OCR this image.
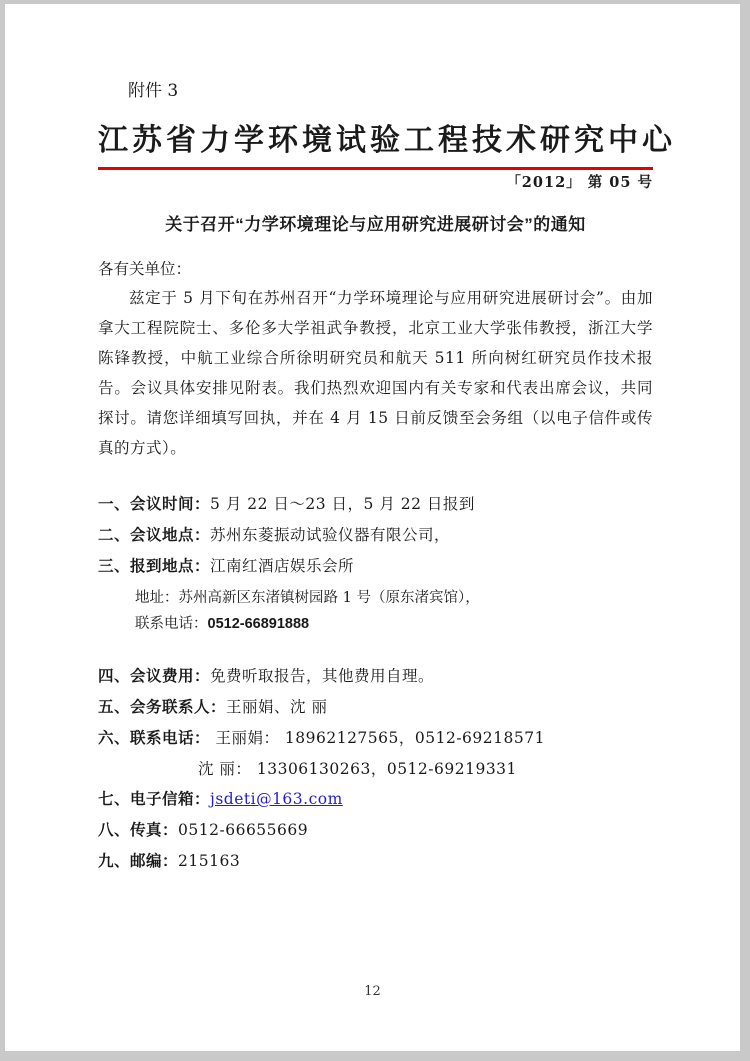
附件 3
江苏省力学环境试验工程技术研究中心
「2012」 第 05 号
关于召开“力学环境理论与应用研究进展研讨会”的通知
各有关单位：

兹定于 5 月下旬在苏州召开“力学环境理论与应用研究进展研讨会”。由加拿大工程院院士、多伦多大学祖武争教授，北京工业大学张伟教授，浙江大学陈锋教授，中航工业综合所徐明研究员和航天 511 所向树红研究员作技术报告。会议具体安排见附表。我们热烈欢迎国内有关专家和代表出席会议，共同探讨。请您详细填写回执，并在 4 月 15 日前反馈至会务组（以电子信件或传真的方式）。

一、会议时间：5 月 22 日～23 日，5 月 22 日报到
二、会议地点：苏州东菱振动试验仪器有限公司，
三、报到地点：江南红酒店娱乐会所
地址：苏州高新区东渚镇树园路 1 号（原东渚宾馆），
联系电话：0512-66891888
四、会议费用：免费听取报告，其他费用自理。
五、会务联系人：王丽娟、沈 丽
六、联系电话： 王丽娟： 18962127565，0512-69218571
沈 丽： 13306130263，0512-69219331
七、电子信箱：jsdeti@163.com
八、传真：0512-66655669
九、邮编：215163
12
